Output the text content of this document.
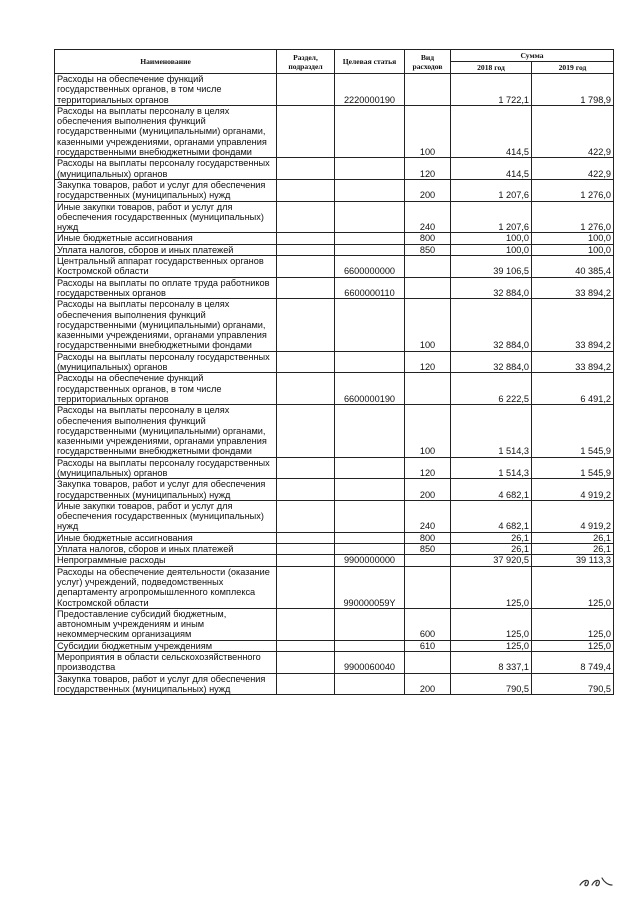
Наименование	Раздел, подраздел	Целевая статья	Вид расходов	Сумма	
				2018 год	2019 год
Расходы на обеспечение функций государственных органов, в том числе территориальных органов		2220000190		1 722,1	1 798,9
Расходы на выплаты персоналу в целях обеспечения выполнения функций государственными (муниципальными) органами, казенными учреждениями, органами управления государственными внебюджетными фондами			100	414,5	422,9
Расходы на выплаты персоналу государственных (муниципальных) органов			120	414,5	422,9
Закупка товаров, работ и услуг для обеспечения государственных (муниципальных) нужд			200	1 207,6	1 276,0
Иные закупки товаров, работ и услуг для обеспечения государственных (муниципальных) нужд			240	1 207,6	1 276,0
Иные бюджетные ассигнования			800	100,0	100,0
Уплата налогов, сборов и иных платежей			850	100,0	100,0
Центральный аппарат государственных органов Костромской области		6600000000		39 106,5	40 385,4
Расходы на выплаты по оплате труда работников государственных органов		6600000110		32 884,0	33 894,2
Расходы на выплаты персоналу в целях обеспечения выполнения функций государственными (муниципальными) органами, казенными учреждениями, органами управления государственными внебюджетными фондами			100	32 884,0	33 894,2
Расходы на выплаты персоналу государственных (муниципальных) органов			120	32 884,0	33 894,2
Расходы на обеспечение функций государственных органов, в том числе территориальных органов		6600000190		6 222,5	6 491,2
Расходы на выплаты персоналу в целях обеспечения выполнения функций государственными (муниципальными) органами, казенными учреждениями, органами управления государственными внебюджетными фондами			100	1 514,3	1 545,9
Расходы на выплаты персоналу государственных (муниципальных) органов			120	1 514,3	1 545,9
Закупка товаров, работ и услуг для обеспечения государственных (муниципальных) нужд			200	4 682,1	4 919,2
Иные закупки товаров, работ и услуг для обеспечения государственных (муниципальных) нужд			240	4 682,1	4 919,2
Иные бюджетные ассигнования			800	26,1	26,1
Уплата налогов, сборов и иных платежей			850	26,1	26,1
Непрограммные расходы		9900000000		37 920,5	39 113,3
Расходы на обеспечение деятельности (оказание услуг) учреждений, подведомственных департаменту агропромышленного комплекса Костромской области		990000059Y		125,0	125,0
Предоставление субсидий бюджетным, автономным учреждениям и иным некоммерческим организациям			600	125,0	125,0
Субсидии бюджетным учреждениям			610	125,0	125,0
Мероприятия в области сельскохозяйственного производства		9900060040		8 337,1	8 749,4
Закупка товаров, работ и услуг для обеспечения государственных (муниципальных) нужд			200	790,5	790,5
